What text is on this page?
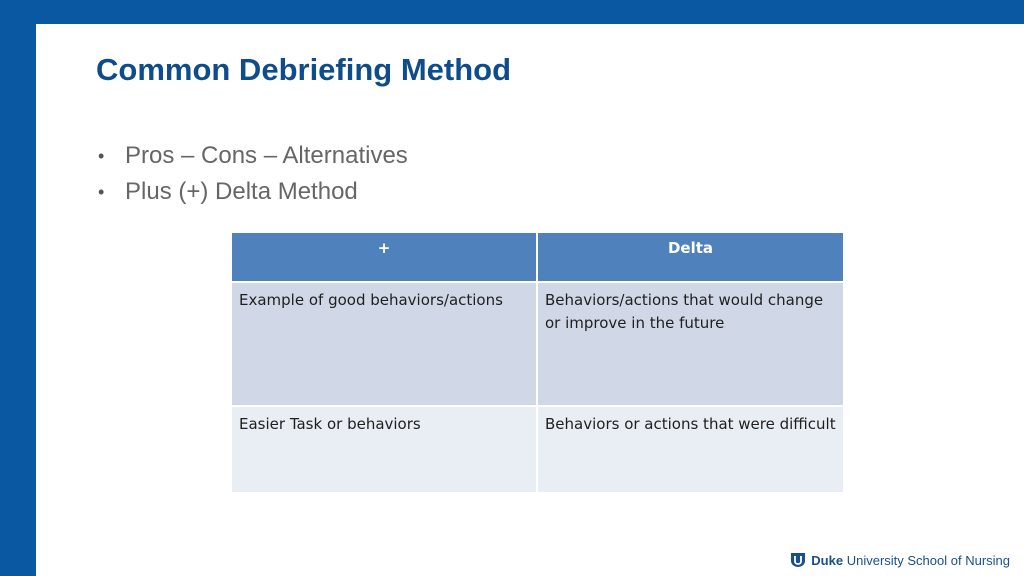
Common Debriefing Method
• Pros – Cons – Alternatives
• Plus (+) Delta Method
+	Delta
Example of good behaviors/actions	Behaviors/actions that would change or improve in the future
Easier Task or behaviors	Behaviors or actions that were difficult
Duke University School of Nursing
